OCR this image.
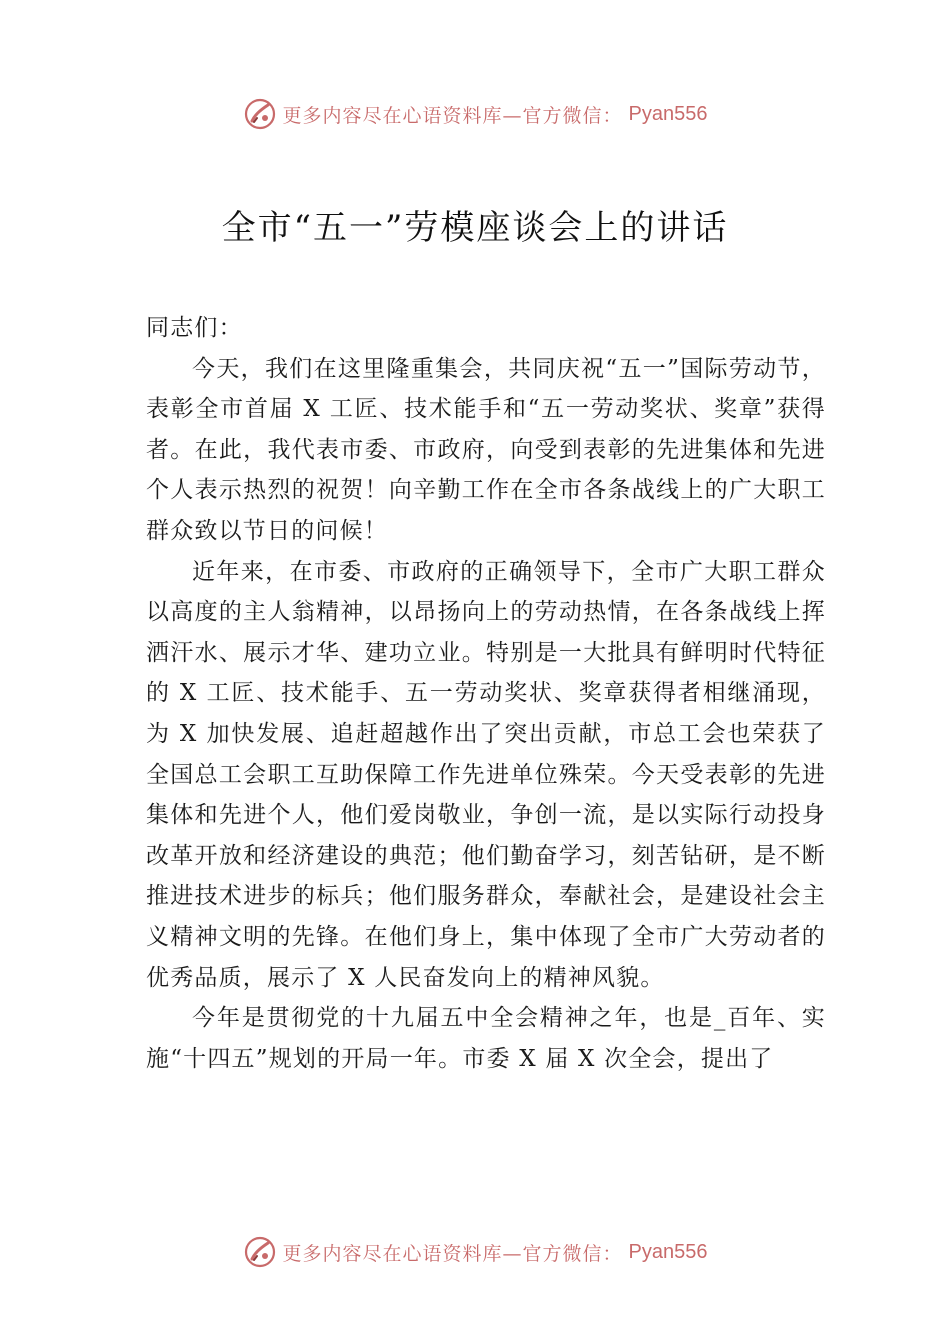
更多内容尽在心语资料库—官方微信： Pyan556
全市“五一”劳模座谈会上的讲话

同志们：

今天，我们在这里隆重集会，共同庆祝“五一”国际劳动节，表彰全市首届 X 工匠、技术能手和“五一劳动奖状、奖章”获得者。在此，我代表市委、市政府，向受到表彰的先进集体和先进个人表示热烈的祝贺！向辛勤工作在全市各条战线上的广大职工群众致以节日的问候！

近年来，在市委、市政府的正确领导下，全市广大职工群众以高度的主人翁精神，以昂扬向上的劳动热情，在各条战线上挥洒汗水、展示才华、建功立业。特别是一大批具有鲜明时代特征的 X 工匠、技术能手、五一劳动奖状、奖章获得者相继涌现，为 X 加快发展、追赶超越作出了突出贡献，市总工会也荣获了全国总工会职工互助保障工作先进单位殊荣。今天受表彰的先进集体和先进个人，他们爱岗敬业，争创一流，是以实际行动投身改革开放和经济建设的典范；他们勤奋学习，刻苦钻研，是不断推进技术进步的标兵；他们服务群众，奉献社会，是建设社会主义精神文明的先锋。在他们身上，集中体现了全市广大劳动者的优秀品质，展示了 X 人民奋发向上的精神风貌。

今年是贯彻党的十九届五中全会精神之年，也是_百年、实施“十四五”规划的开局一年。市委 X 届 X 次全会，提出了

更多内容尽在心语资料库—官方微信： Pyan556
